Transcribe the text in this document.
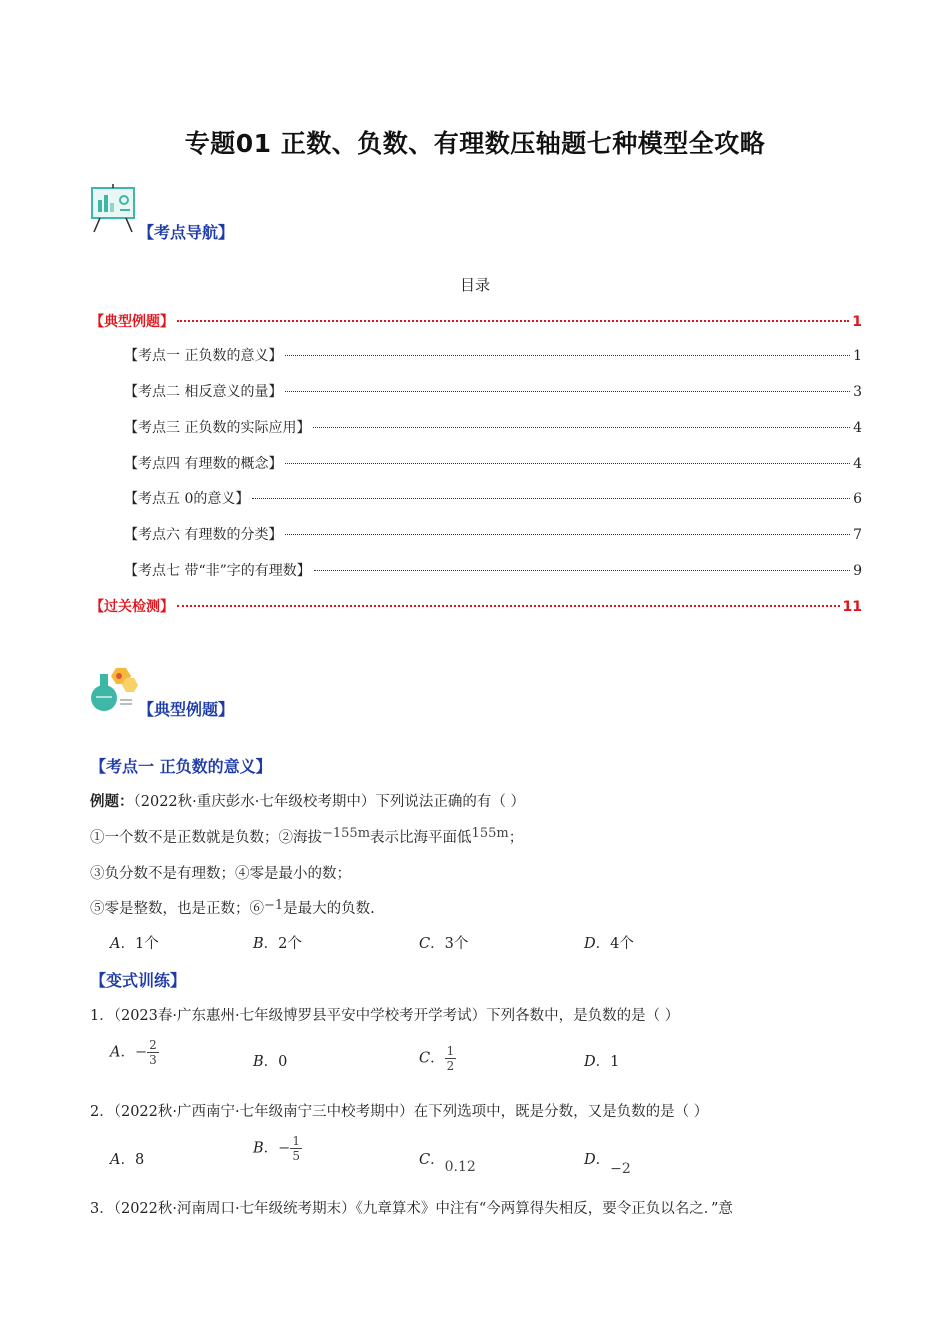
专题01 正数、负数、有理数压轴题七种模型全攻略
【考点导航】
目录
【典型例题】	1
【考点一 正负数的意义】	1
【考点二 相反意义的量】	3
【考点三 正负数的实际应用】	4
【考点四 有理数的概念】	4
【考点五 0的意义】	6
【考点六 有理数的分类】	7
【考点七 带“非”字的有理数】	9
【过关检测】	11
【典型例题】
【考点一 正负数的意义】
例题：（2022秋·重庆彭水·七年级校考期中）下列说法正确的有（ ）
①一个数不是正数就是负数；②海拔−155m表示比海平面低155m；
③负分数不是有理数；④零是最小的数；
⑤零是整数，也是正数；⑥−1是最大的负数.
A．1个	B．2个	C．3个	D．4个
【变式训练】
1．（2023春·广东惠州·七年级博罗县平安中学校考开学考试）下列各数中，是负数的是（ ）
A．− $\frac{2}{3}$	B．0	C． $\frac{1}{2}$	D．1
2．（2022秋·广西南宁·七年级南宁三中校考期中）在下列选项中，既是分数，又是负数的是（ ）
A．8
B．− $\frac{1}{5}$	C．0.12	D．−2
3．（2022秋·河南周口·七年级统考期末）《九章算术》中注有“今两算得失相反，要令正负以名之．”意
